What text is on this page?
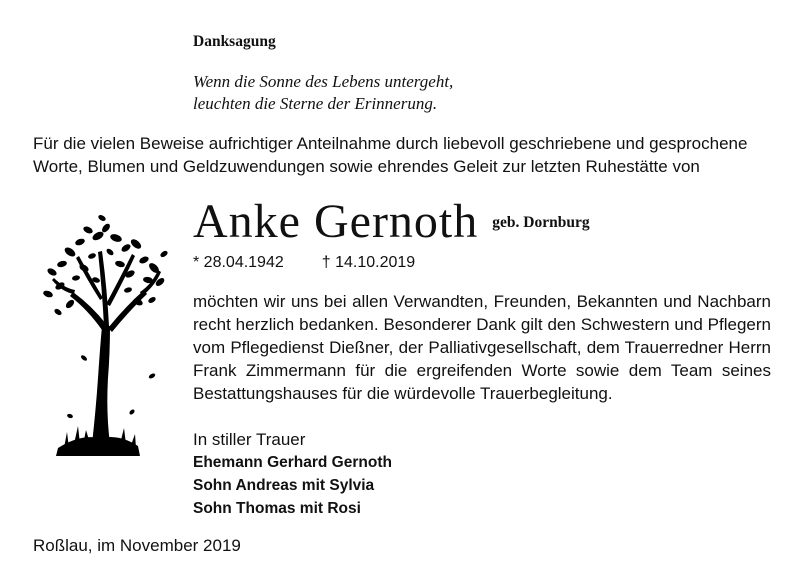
Danksagung
Wenn die Sonne des Lebens untergeht,
leuchten die Sterne der Erinnerung.
Für die vielen Beweise aufrichtiger Anteilnahme durch liebevoll geschriebene und gesprochene
Worte, Blumen und Geldzuwendungen sowie ehrendes Geleit zur letzten Ruhestätte von
Anke Gernoth geb. Dornburg
* 28.04.1942 † 14.10.2019
möchten wir uns bei allen Verwandten, Freunden, Bekannten und Nachbarn recht herzlich bedanken. Besonderer Dank gilt den Schwestern und Pflegern vom Pflegedienst Dießner, der Palliativgesellschaft, dem Trauerredner Herrn Frank Zimmermann für die ergreifenden Worte sowie dem Team seines Bestattungshauses für die würdevolle Trauerbegleitung.
In stiller Trauer
Ehemann Gerhard Gernoth
Sohn Andreas mit Sylvia
Sohn Thomas mit Rosi
Roßlau, im November 2019
